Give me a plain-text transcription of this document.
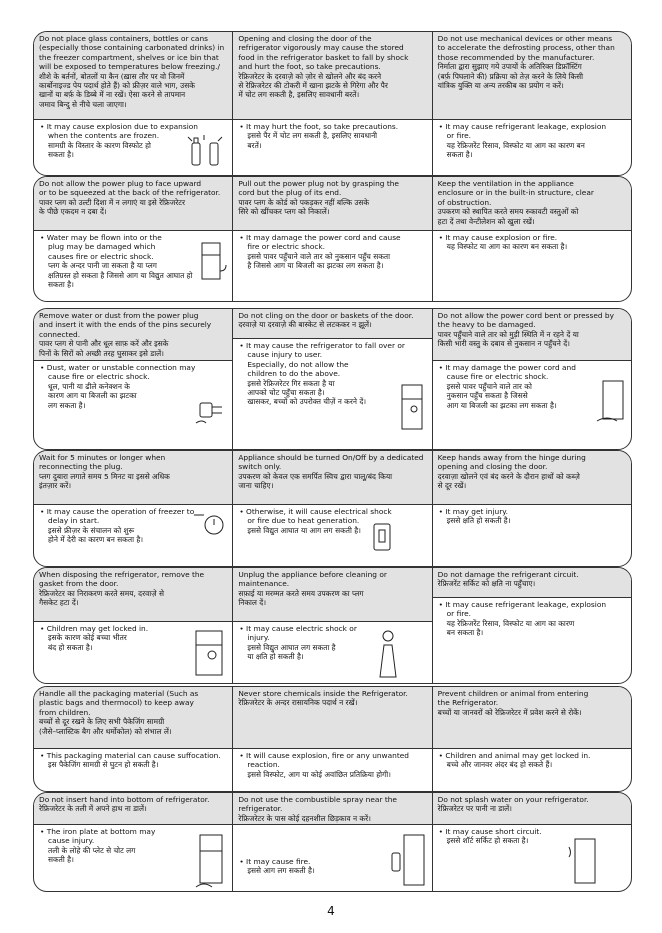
Do not place glass containers, bottles or cans
(especially those containing carbonated drinks) in
the freezer compartment, shelves or ice bin that
will be exposed to temperatures below freezing./
शीशे के बर्तनों, बोतलों या कैन (ख़ास तौर पर वो जिनमें
कार्बोनाइज्ड पेय पदार्थ होते हैं) को फ्रीज़र वाले भाग, उसके
खानों या बर्फ़ के डिब्बे में ना रखें। ऐसा करने से तापमान
जमाव बिन्दु से नीचे चला जाएगा।
• It may cause explosion due to expansion
when the contents are frozen.
सामग्री के विस्तार के कारण विस्फोट हो
सकता है।

Opening and closing the door of the
refrigerator vigorously may cause the stored
food in the refrigerator basket to fall by shock
and hurt the foot, so take precautions.
रेफ्रिजरेटर के दरवाज़े को ज़ोर से खोलने और बंद करने
से रेफ्रिजरेटर की टोकरी में खाना झटके से गिरेगा और पैर
में चोट लग सकती है, इसलिए सावधानी बरतें।
• It may hurt the foot, so take precautions.
इससे पैर में चोट लग सकती है, इसलिए सावधानी
बरतें।
Do not use mechanical devices or other means
to accelerate the defrosting process, other than
those recommended by the manufacturer.
निर्माता द्वारा सुझाए गये उपायों के अतिरिक्त डिफ्रॉस्टिंग
(बर्फ़ पिघलाने की) प्रक्रिया को तेज़ करने के लिये किसी
यांत्रिक युक्ति या अन्य तरकीब का प्रयोग न करें।
• It may cause refrigerant leakage, explosion
or fire.
यह रेफ्रिजरेंट रिसाव, विस्फोट या आग का कारण बन
सकता है।
Do not allow the power plug to face upward
or to be squeezed at the back of the refrigerator.
पावर प्लग को उल्टी दिशा में न लगाएं या इसे रेफ्रिजरेटर
के पीछे एकदम न दबा दें।
• Water may be flown into or the
plug may be damaged which
causes fire or electric shock.
प्लग के अन्दर पानी जा सकता है या प्लग
क्षतिग्रस्त हो सकता है जिससे आग या विद्युत आघात हो
सकता है।

Pull out the power plug not by grasping the
cord but the plug of its end.
पावर प्लग के कोर्ड को पकड़कर नहीं बल्कि उसके
सिरे को खींचकर प्लग को निकालें।
• It may damage the power cord and cause
fire or electric shock.
इससे पावर पहुँचाने वाले तार को नुकसान पहुँच सकता
है जिससे आग या बिजली का झटका लग सकता है।
Keep the ventilation in the appliance
enclosure or in the built-in structure, clear
of obstruction.
उपकरण को स्थापित करते समय रुकावटी वस्तुओं को
हटा दें तथा वेन्टीलेशन को खुला रखें।
• It may cause explosion or fire.
यह विस्फोट या आग का कारण बन सकता है।
Remove water or dust from the power plug
and insert it with the ends of the pins securely
connected.
पावर प्लग से पानी और धूल साफ़ करें और इसके
पिनों के सिरों को अच्छी तरह घुसाकर इसे डालें।
• Dust, water or unstable connection may
cause fire or electric shock.
धूल, पानी या ढीले कनेक्शन के
कारण आग या बिजली का झटका
लग सकता है।

Do not cling on the door or baskets of the door.
दरवाज़े या दरवाज़े की बास्केट से लटककर न झूलें।
• It may cause the refrigerator to fall over or
cause injury to user.
Especially, do not allow the
children to do the above.
इससे रेफ्रिजरेटर गिर सकता है या
आपको चोट पहुँचा सकता है।
खासकर, बच्चों को उपरोक्त चीज़ें न करने दें।

Do not allow the power cord bent or pressed by
the heavy to be damaged.
पावर पहुँचाने वाले तार को मुड़ी स्थिति में न रहने दें या
किसी भारी वस्तु के दबाव से नुकसान न पहुँचने दें।
• It may damage the power cord and
cause fire or electric shock.
इससे पावर पहुँचाने वाले तार को
नुकसान पहुँच सकता है जिससे
आग या बिजली का झटका लग सकता है।

Wait for 5 minutes or longer when
reconnecting the plug.
प्लग दुबारा लगाते समय 5 मिनट या इससे अधिक
इंतज़ार करें।
• It may cause the operation of freezer to
delay in start.
इससे फ्रीज़र के संचालन को शुरू
होने में देरी का कारण बन सकता है।

Appliance should be turned On/Off by a dedicated
switch only.
उपकरण को केवल एक समर्पित स्विच द्वारा चालू/बंद किया
जाना चाहिए।
• Otherwise, it will cause electrical shock
or fire due to heat generation.
इससे विद्युत आघात या आग लग सकती है।

Keep hands away from the hinge during
opening and closing the door.
दरवाज़ा खोलने एवं बंद करने के दौरान हाथों को कब्ज़े
से दूर रखें।
• It may get injury.
इससे क्षति हो सकती है।
When disposing the refrigerator, remove the
gasket from the door.
रेफ्रिजरेटर का निराकरण करते समय, दरवाज़े से
गैसकेट हटा दें।
• Children may get locked in.
इसके कारण कोई बच्चा भीतर
बंद हो सकता है।

Unplug the appliance before cleaning or
maintenance.
सफ़ाई या मरम्मत करते समय उपकरण का प्लग
निकाल दें।
• It may cause electric shock or
injury.
इससे विद्युत आघात लग सकता है
या क्षति हो सकती है।

Do not damage the refrigerant circuit.
रेफ्रिजरेंट सर्किट को क्षति ना पहुँचाए।
• It may cause refrigerant leakage, explosion
or fire.
यह रेफ्रिजरेंट रिसाव, विस्फोट या आग का कारण
बन सकता है।
Handle all the packaging material (Such as
plastic bags and thermocol) to keep away
from children.
बच्चों से दूर रखने के लिए सभी पैकेजिंग सामग्री
(जैसे–प्लास्टिक बैग और थर्मोकोल) को संभाल लें।
• This packaging material can cause suffocation.
इस पैकेजिंग सामग्री से घुटन हो सकती है।
Never store chemicals inside the Refrigerator.
रेफ्रिजरेटर के अन्दर रासायनिक पदार्थ न रखें।
• It will cause explosion, fire or any unwanted
reaction.
इससे विस्फोट, आग या कोई अवांछित प्रतिक्रिया होगी।
Prevent children or animal from entering
the Refrigerator.
बच्चों या जानवरों को रेफ्रिजरेटर में प्रवेश करने से रोकें।
• Children and animal may get locked in.
बच्चे और जानवर अंदर बंद हो सकते हैं।
Do not insert hand into bottom of refrigerator.
रेफ्रिजरेटर के तली में अपने हाथ ना डालें।
• The iron plate at bottom may
cause injury.
तली के लोहे की प्लेट से चोट लग
सकती है।

Do not use the combustible spray near the
refrigerator.
रेफ्रिजरेटर के पास कोई दहनशील छिड़काव न करें।
• It may cause fire.
इससे आग लग सकती है।

Do not splash water on your refrigerator.
रेफ्रिजरेटर पर पानी ना डालें।
• It may cause short circuit.
इससे शॉर्ट सर्किट हो सकता है।

4
